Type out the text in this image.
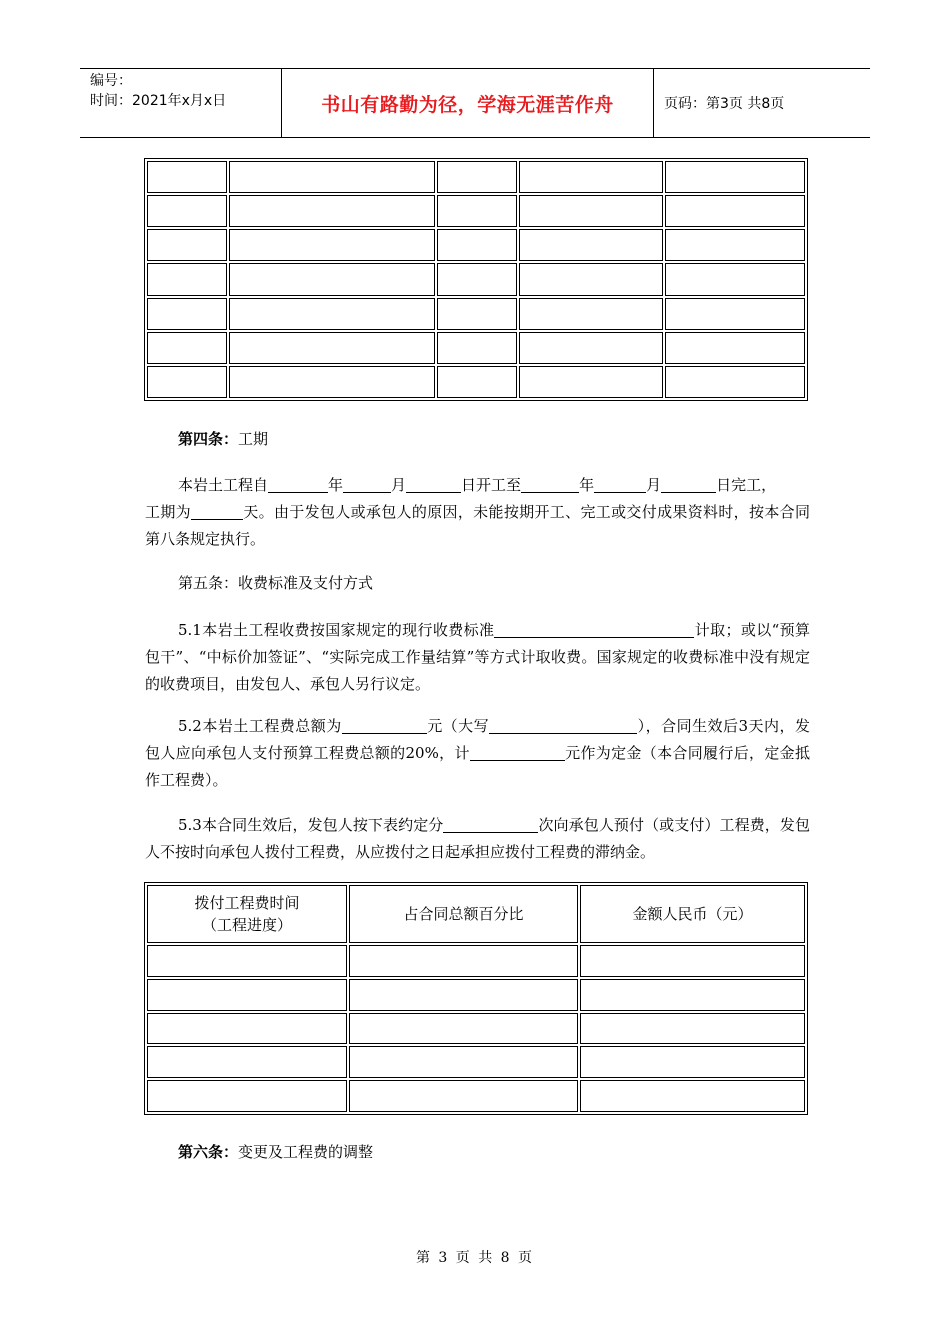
编号：
时间：2021年x月x日	书山有路勤为径，学海无涯苦作舟	页码：第3页 共8页

第四条：工期
本岩土工程自	年	月	日开工至	年	月	日完工，
工期为	天。由于发包人或承包人的原因，未能按期开工、完工或交付成果资料时，按本合同第八条规定执行。
第五条：收费标准及支付方式
5.1本岩土工程收费按国家规定的现行收费标准	计取；或以“预算包干”、“中标价加签证”、“实际完成工作量结算”等方式计取收费。国家规定的收费标准中没有规定的收费项目，由发包人、承包人另行议定。
5.2本岩土工程费总额为	元（大写	），合同生效后3天内，发包人应向承包人支付预算工程费总额的20%，计	元作为定金（本合同履行后，定金抵作工程费）。
5.3本合同生效后，发包人按下表约定分	次向承包人预付（或支付）工程费，发包人不按时向承包人拨付工程费，从应拨付之日起承担应拨付工程费的滞纳金。
拨付工程费时间
（工程进度）	占合同总额百分比	金额人民币（元）

第六条：变更及工程费的调整
第 3 页 共 8 页
